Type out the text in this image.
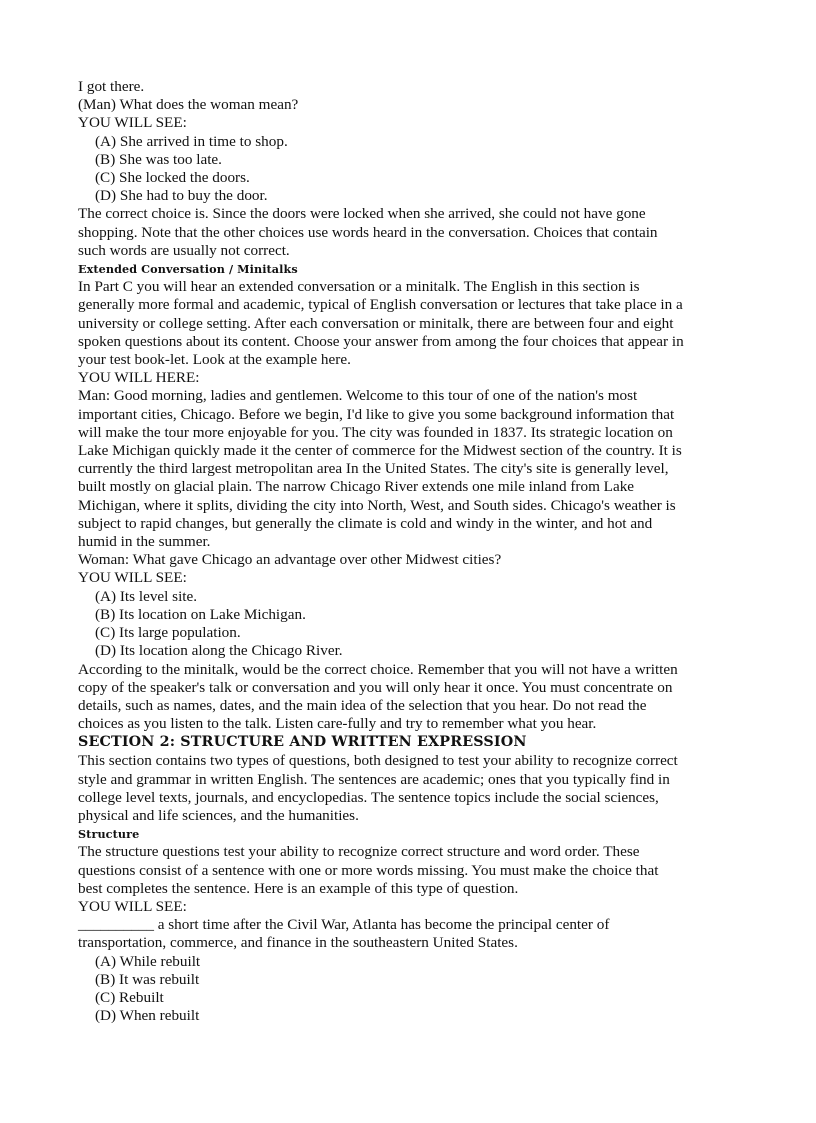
I got there.
(Man) What does the woman mean?
YOU WILL SEE:
(A) She arrived in time to shop.
(B) She was too late.
(C) She locked the doors.
(D) She had to buy the door.
The correct choice is. Since the doors were locked when she arrived, she could not have gone
shopping. Note that the other choices use words heard in the conversation. Choices that contain
such words are usually not correct.
Extended Conversation / Minitalks
In Part C you will hear an extended conversation or a minitalk. The English in this section is
generally more formal and academic, typical of English conversation or lectures that take place in a
university or college setting. After each conversation or minitalk, there are between four and eight
spoken questions about its content. Choose your answer from among the four choices that appear in
your test book-let. Look at the example here.
YOU WILL HERE:
Man: Good morning, ladies and gentlemen. Welcome to this tour of one of the nation's most
important cities, Chicago. Before we begin, I'd like to give you some background information that
will make the tour more enjoyable for you. The city was founded in 1837. Its strategic location on
Lake Michigan quickly made it the center of commerce for the Midwest section of the country. It is
currently the third largest metropolitan area In the United States. The city's site is generally level,
built mostly on glacial plain. The narrow Chicago River extends one mile inland from Lake
Michigan, where it splits, dividing the city into North, West, and South sides. Chicago's weather is
subject to rapid changes, but generally the climate is cold and windy in the winter, and hot and
humid in the summer.
Woman: What gave Chicago an advantage over other Midwest cities?
YOU WILL SEE:
(A) Its level site.
(B) Its location on Lake Michigan.
(C) Its large population.
(D) Its location along the Chicago River.
According to the minitalk, would be the correct choice. Remember that you will not have a written
copy of the speaker's talk or conversation and you will only hear it once. You must concentrate on
details, such as names, dates, and the main idea of the selection that you hear. Do not read the
choices as you listen to the talk. Listen care-fully and try to remember what you hear.
SECTION 2: STRUCTURE AND WRITTEN EXPRESSION
This section contains two types of questions, both designed to test your ability to recognize correct
style and grammar in written English. The sentences are academic; ones that you typically find in
college level texts, journals, and encyclopedias. The sentence topics include the social sciences,
physical and life sciences, and the humanities.
Structure
The structure questions test your ability to recognize correct structure and word order. These
questions consist of a sentence with one or more words missing. You must make the choice that
best completes the sentence. Here is an example of this type of question.
YOU WILL SEE:
__________ a short time after the Civil War, Atlanta has become the principal center of
transportation, commerce, and finance in the southeastern United States.
(A) While rebuilt
(B) It was rebuilt
(C) Rebuilt
(D) When rebuilt
